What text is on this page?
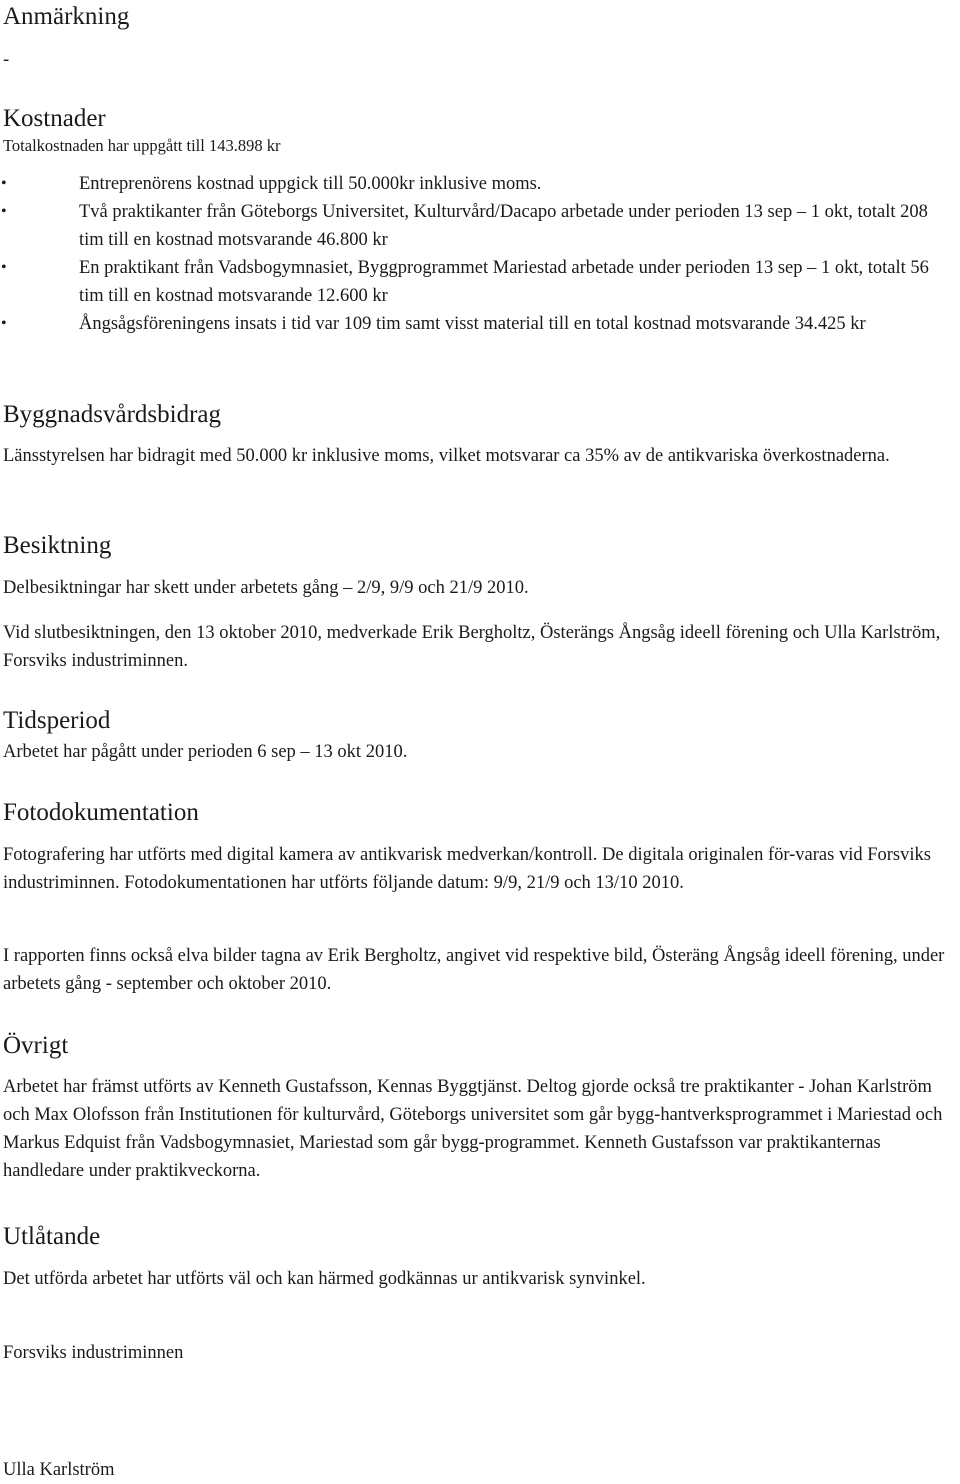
Anmärkning

-

Kostnader

Totalkostnaden har uppgått till 143.898 kr

•	Entreprenörens kostnad uppgick till 50.000kr inklusive moms.
•	Två praktikanter från Göteborgs Universitet, Kulturvård/Dacapo arbetade under perioden 13 sep – 1 okt, totalt 208 tim till en kostnad motsvarande 46.800 kr
•	En praktikant från Vadsbogymnasiet, Byggprogrammet Mariestad arbetade under perioden 13 sep – 1 okt, totalt 56 tim till en kostnad motsvarande 12.600 kr
•	Ångsågsföreningens insats i tid var 109 tim samt visst material till en total kostnad motsvarande 34.425 kr
Byggnadsvårdsbidrag

Länsstyrelsen har bidragit med 50.000 kr inklusive moms, vilket motsvarar ca 35% av de antikvariska överkostnaderna.

Besiktning

Delbesiktningar har skett under arbetets gång – 2/9, 9/9 och 21/9 2010.

Vid slutbesiktningen, den 13 oktober 2010, medverkade Erik Bergholtz, Österängs Ångsåg ideell förening och Ulla Karlström, Forsviks industriminnen.

Tidsperiod

Arbetet har pågått under perioden 6 sep – 13 okt 2010.

Fotodokumentation

Fotografering har utförts med digital kamera av antikvarisk medverkan/kontroll. De digitala originalen för-varas vid Forsviks industriminnen. Fotodokumentationen har utförts följande datum: 9/9, 21/9 och 13/10 2010.

I rapporten finns också elva bilder tagna av Erik Bergholtz, angivet vid respektive bild, Österäng Ångsåg ideell förening, under arbetets gång - september och oktober 2010.

Övrigt

Arbetet har främst utförts av Kenneth Gustafsson, Kennas Byggtjänst. Deltog gjorde också tre praktikanter - Johan Karlström och Max Olofsson från Institutionen för kulturvård, Göteborgs universitet som går bygg-hantverksprogrammet i Mariestad och Markus Edquist från Vadsbogymnasiet, Mariestad som går bygg-programmet. Kenneth Gustafsson var praktikanternas handledare under praktikveckorna.

Utlåtande

Det utförda arbetet har utförts väl och kan härmed godkännas ur antikvarisk synvinkel.

Forsviks industriminnen

Ulla Karlström
